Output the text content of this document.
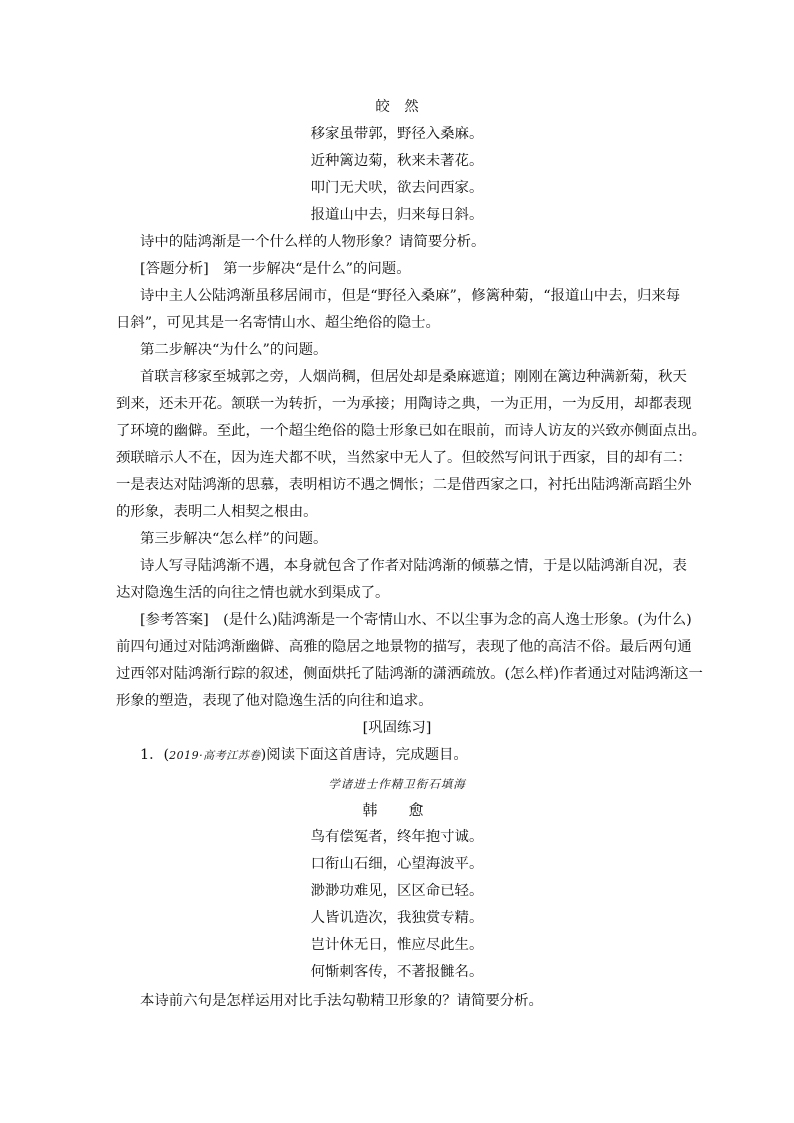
皎　然
移家虽带郭，野径入桑麻。
近种篱边菊，秋来未著花。
叩门无犬吠，欲去问西家。
报道山中去，归来每日斜。
诗中的陆鸿渐是一个什么样的人物形象？请简要分析。
[答题分析]　第一步解决“是什么”的问题。
诗中主人公陆鸿渐虽移居闹市，但是“野径入桑麻”，修篱种菊，“报道山中去，归来每
日斜”，可见其是一名寄情山水、超尘绝俗的隐士。
第二步解决“为什么”的问题。
首联言移家至城郭之旁，人烟尚稠，但居处却是桑麻遮道；刚刚在篱边种满新菊，秋天
到来，还未开花。颔联一为转折，一为承接；用陶诗之典，一为正用，一为反用，却都表现
了环境的幽僻。至此，一个超尘绝俗的隐士形象已如在眼前，而诗人访友的兴致亦侧面点出。
颈联暗示人不在，因为连犬都不吠，当然家中无人了。但皎然写问讯于西家，目的却有二：
一是表达对陆鸿渐的思慕，表明相访不遇之惆怅；二是借西家之口，衬托出陆鸿渐高蹈尘外
的形象，表明二人相契之根由。
第三步解决“怎么样”的问题。
诗人写寻陆鸿渐不遇，本身就包含了作者对陆鸿渐的倾慕之情，于是以陆鸿渐自况，表
达对隐逸生活的向往之情也就水到渠成了。
[参考答案]　(是什么)陆鸿渐是一个寄情山水、不以尘事为念的高人逸士形象。(为什么)
前四句通过对陆鸿渐幽僻、高雅的隐居之地景物的描写，表现了他的高洁不俗。最后两句通
过西邻对陆鸿渐行踪的叙述，侧面烘托了陆鸿渐的潇洒疏放。(怎么样)作者通过对陆鸿渐这一
形象的塑造，表现了他对隐逸生活的向往和追求。
[巩固练习]
1．(2019·高考江苏卷)阅读下面这首唐诗，完成题目。
学诸进士作精卫衔石填海
韩　愈
鸟有偿冤者，终年抱寸诚。
口衔山石细，心望海波平。
渺渺功难见，区区命已轻。
人皆讥造次，我独赏专精。
岂计休无日，惟应尽此生。
何惭刺客传，不著报雠名。
本诗前六句是怎样运用对比手法勾勒精卫形象的？请简要分析。
